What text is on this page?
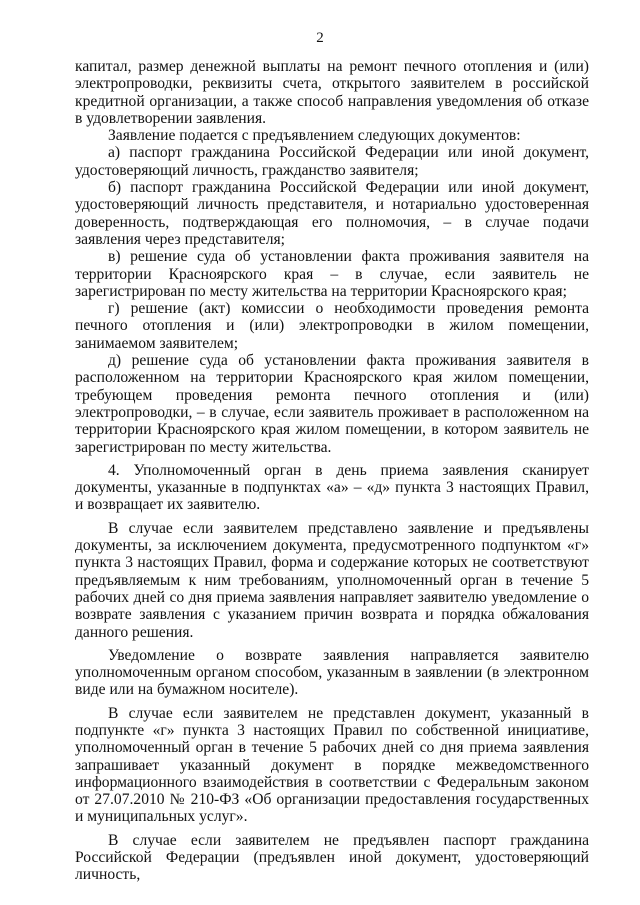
2

капитал, размер денежной выплаты на ремонт печного отопления и (или) электропроводки, реквизиты счета, открытого заявителем в российской кредитной организации, а также способ направления уведомления об отказе в удовлетворении заявления.

Заявление подается с предъявлением следующих документов:

а) паспорт гражданина Российской Федерации или иной документ, удостоверяющий личность, гражданство заявителя;

б) паспорт гражданина Российской Федерации или иной документ, удостоверяющий личность представителя, и нотариально удостоверенная доверенность, подтверждающая его полномочия, – в случае подачи заявления через представителя;

в) решение суда об установлении факта проживания заявителя на территории Красноярского края – в случае, если заявитель не зарегистрирован по месту жительства на территории Красноярского края;

г) решение (акт) комиссии о необходимости проведения ремонта печного отопления и (или) электропроводки в жилом помещении, занимаемом заявителем;

д) решение суда об установлении факта проживания заявителя в расположенном на территории Красноярского края жилом помещении, требующем проведения ремонта печного отопления и (или) электропроводки, – в случае, если заявитель проживает в расположенном на территории Красноярского края жилом помещении, в котором заявитель не зарегистрирован по месту жительства.

4. Уполномоченный орган в день приема заявления сканирует документы, указанные в подпунктах «а» – «д» пункта 3 настоящих Правил, и возвращает их заявителю.

В случае если заявителем представлено заявление и предъявлены документы, за исключением документа, предусмотренного подпунктом «г» пункта 3 настоящих Правил, форма и содержание которых не соответствуют предъявляемым к ним требованиям, уполномоченный орган в течение 5 рабочих дней со дня приема заявления направляет заявителю уведомление о возврате заявления с указанием причин возврата и порядка обжалования данного решения.

Уведомление о возврате заявления направляется заявителю уполномоченным органом способом, указанным в заявлении (в электронном виде или на бумажном носителе).

В случае если заявителем не представлен документ, указанный в подпункте «г» пункта 3 настоящих Правил по собственной инициативе, уполномоченный орган в течение 5 рабочих дней со дня приема заявления запрашивает указанный документ в порядке межведомственного информационного взаимодействия в соответствии с Федеральным законом от 27.07.2010 № 210-ФЗ «Об организации предоставления государственных и муниципальных услуг».

В случае если заявителем не предъявлен паспорт гражданина Российской Федерации (предъявлен иной документ, удостоверяющий личность,
